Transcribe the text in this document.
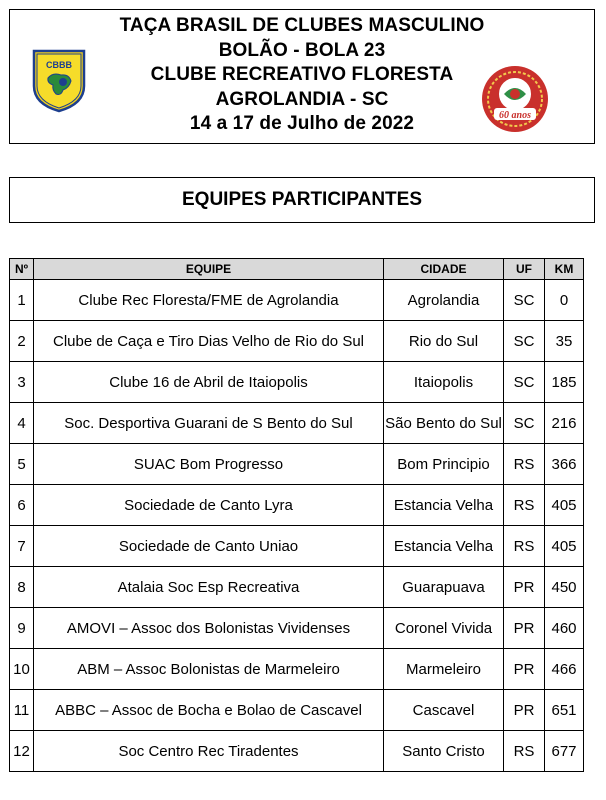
TAÇA BRASIL DE CLUBES MASCULINO
BOLÃO - BOLA 23
CLUBE RECREATIVO FLORESTA
AGROLANDIA - SC
14 a 17 de Julho de 2022
CBBB
60 anos
EQUIPES PARTICIPANTES
Nº	EQUIPE	CIDADE	UF	KM
1	Clube Rec Floresta/FME de Agrolandia	Agrolandia	SC	0
2	Clube de Caça e Tiro Dias Velho de Rio do Sul	Rio do Sul	SC	35
3	Clube 16 de Abril de Itaiopolis	Itaiopolis	SC	185
4	Soc. Desportiva Guarani de S Bento do Sul	São Bento do Sul	SC	216
5	SUAC Bom Progresso	Bom Principio	RS	366
6	Sociedade de Canto Lyra	Estancia Velha	RS	405
7	Sociedade de Canto Uniao	Estancia Velha	RS	405
8	Atalaia Soc Esp Recreativa	Guarapuava	PR	450
9	AMOVI – Assoc dos Bolonistas Vividenses	Coronel Vivida	PR	460
10	ABM – Assoc Bolonistas de Marmeleiro	Marmeleiro	PR	466
11	ABBC – Assoc de Bocha e Bolao de Cascavel	Cascavel	PR	651
12	Soc Centro Rec Tiradentes	Santo Cristo	RS	677
